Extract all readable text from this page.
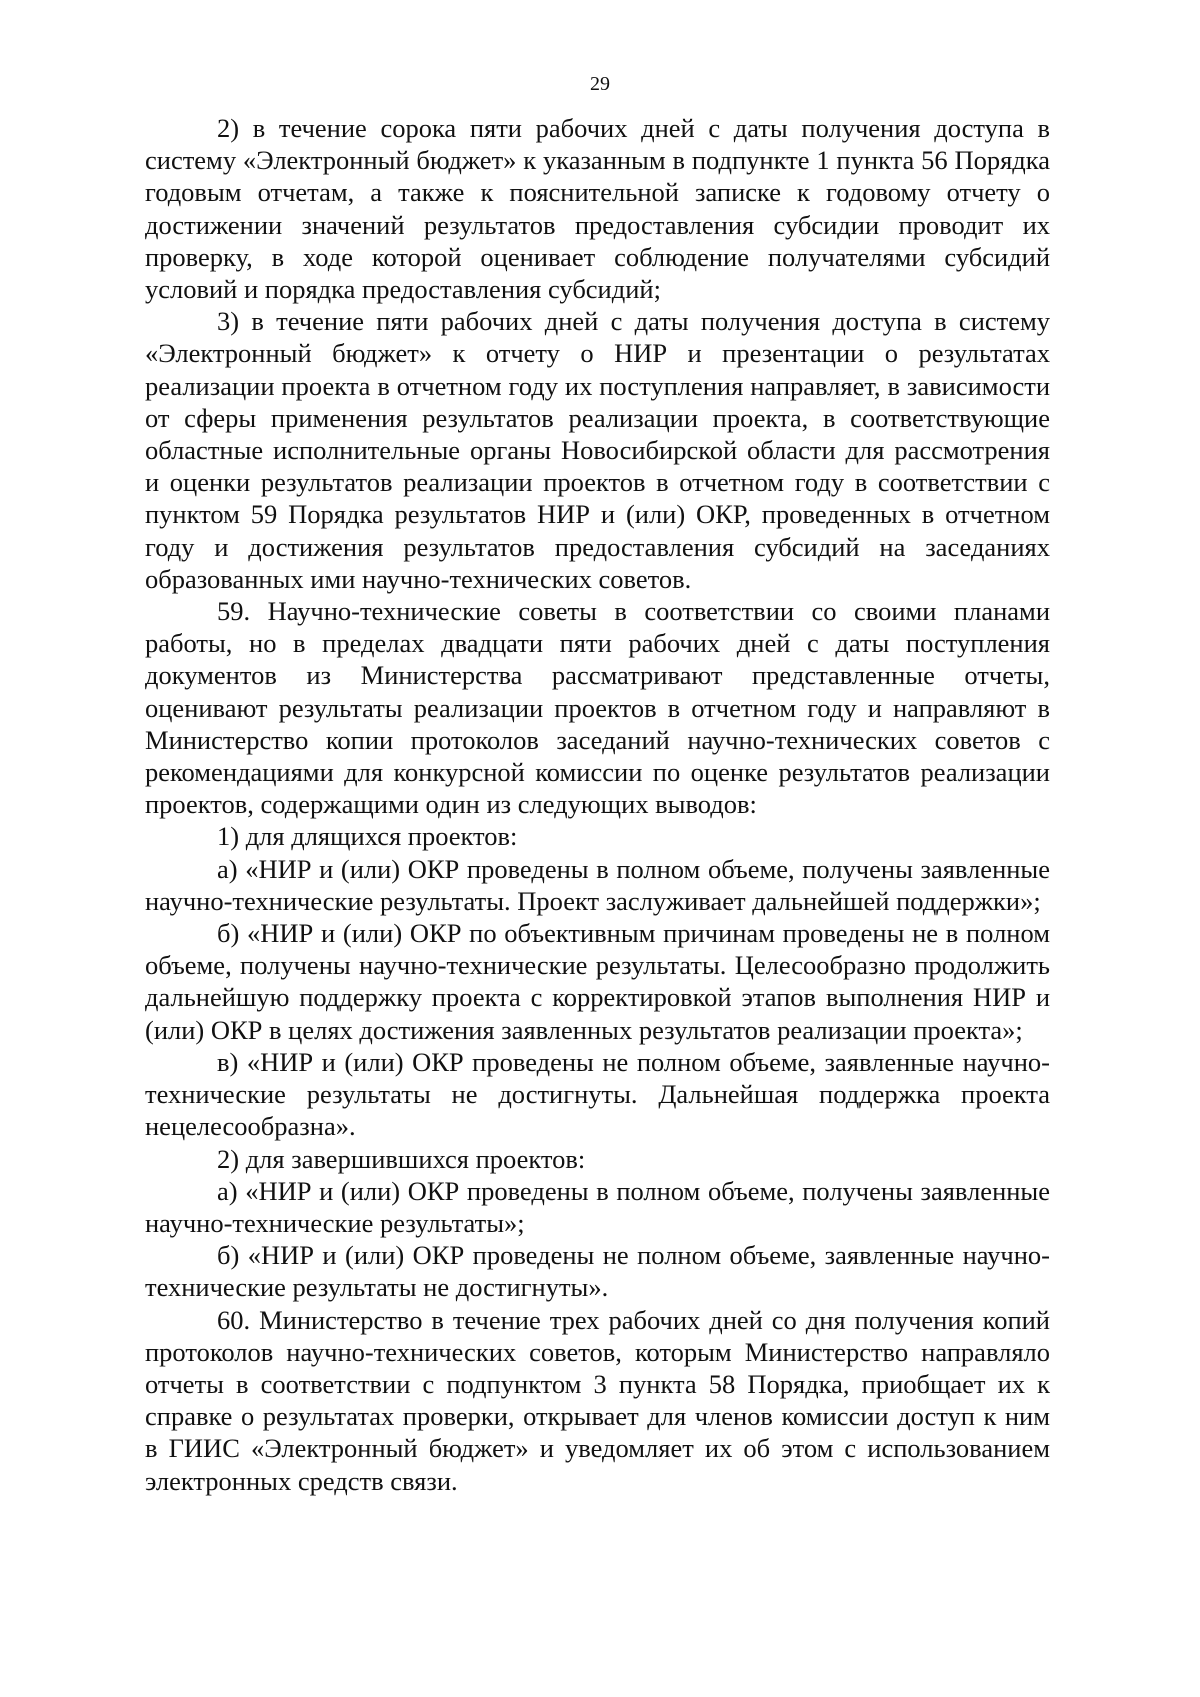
29

2) в течение сорока пяти рабочих дней с даты получения доступа в систему «Электронный бюджет» к указанным в подпункте 1 пункта 56 Порядка годовым отчетам, а также к пояснительной записке к годовому отчету о достижении значений результатов предоставления субсидии проводит их проверку, в ходе которой оценивает соблюдение получателями субсидий условий и порядка предоставления субсидий;

3) в течение пяти рабочих дней с даты получения доступа в систему «Электронный бюджет» к отчету о НИР и презентации о результатах реализации проекта в отчетном году их поступления направляет, в зависимости от сферы применения результатов реализации проекта, в соответствующие областные исполнительные органы Новосибирской области для рассмотрения и оценки результатов реализации проектов в отчетном году в соответствии с пунктом 59 Порядка результатов НИР и (или) ОКР, проведенных в отчетном году и достижения результатов предоставления субсидий на заседаниях образованных ими научно-технических советов.

59. Научно-технические советы в соответствии со своими планами работы, но в пределах двадцати пяти рабочих дней с даты поступления документов из Министерства рассматривают представленные отчеты, оценивают результаты реализации проектов в отчетном году и направляют в Министерство копии протоколов заседаний научно-технических советов с рекомендациями для конкурсной комиссии по оценке результатов реализации проектов, содержащими один из следующих выводов:

1) для длящихся проектов:

а) «НИР и (или) ОКР проведены в полном объеме, получены заявленные научно-технические результаты. Проект заслуживает дальнейшей поддержки»;

б) «НИР и (или) ОКР по объективным причинам проведены не в полном объеме, получены научно-технические результаты. Целесообразно продолжить дальнейшую поддержку проекта с корректировкой этапов выполнения НИР и (или) ОКР в целях достижения заявленных результатов реализации проекта»;

в) «НИР и (или) ОКР проведены не полном объеме, заявленные научно-технические результаты не достигнуты. Дальнейшая поддержка проекта нецелесообразна».

2) для завершившихся проектов:

а) «НИР и (или) ОКР проведены в полном объеме, получены заявленные научно-технические результаты»;

б) «НИР и (или) ОКР проведены не полном объеме, заявленные научно-технические результаты не достигнуты».

60. Министерство в течение трех рабочих дней со дня получения копий протоколов научно-технических советов, которым Министерство направляло отчеты в соответствии с подпунктом 3 пункта 58 Порядка, приобщает их к справке о результатах проверки, открывает для членов комиссии доступ к ним в ГИИС «Электронный бюджет» и уведомляет их об этом с использованием электронных средств связи.
